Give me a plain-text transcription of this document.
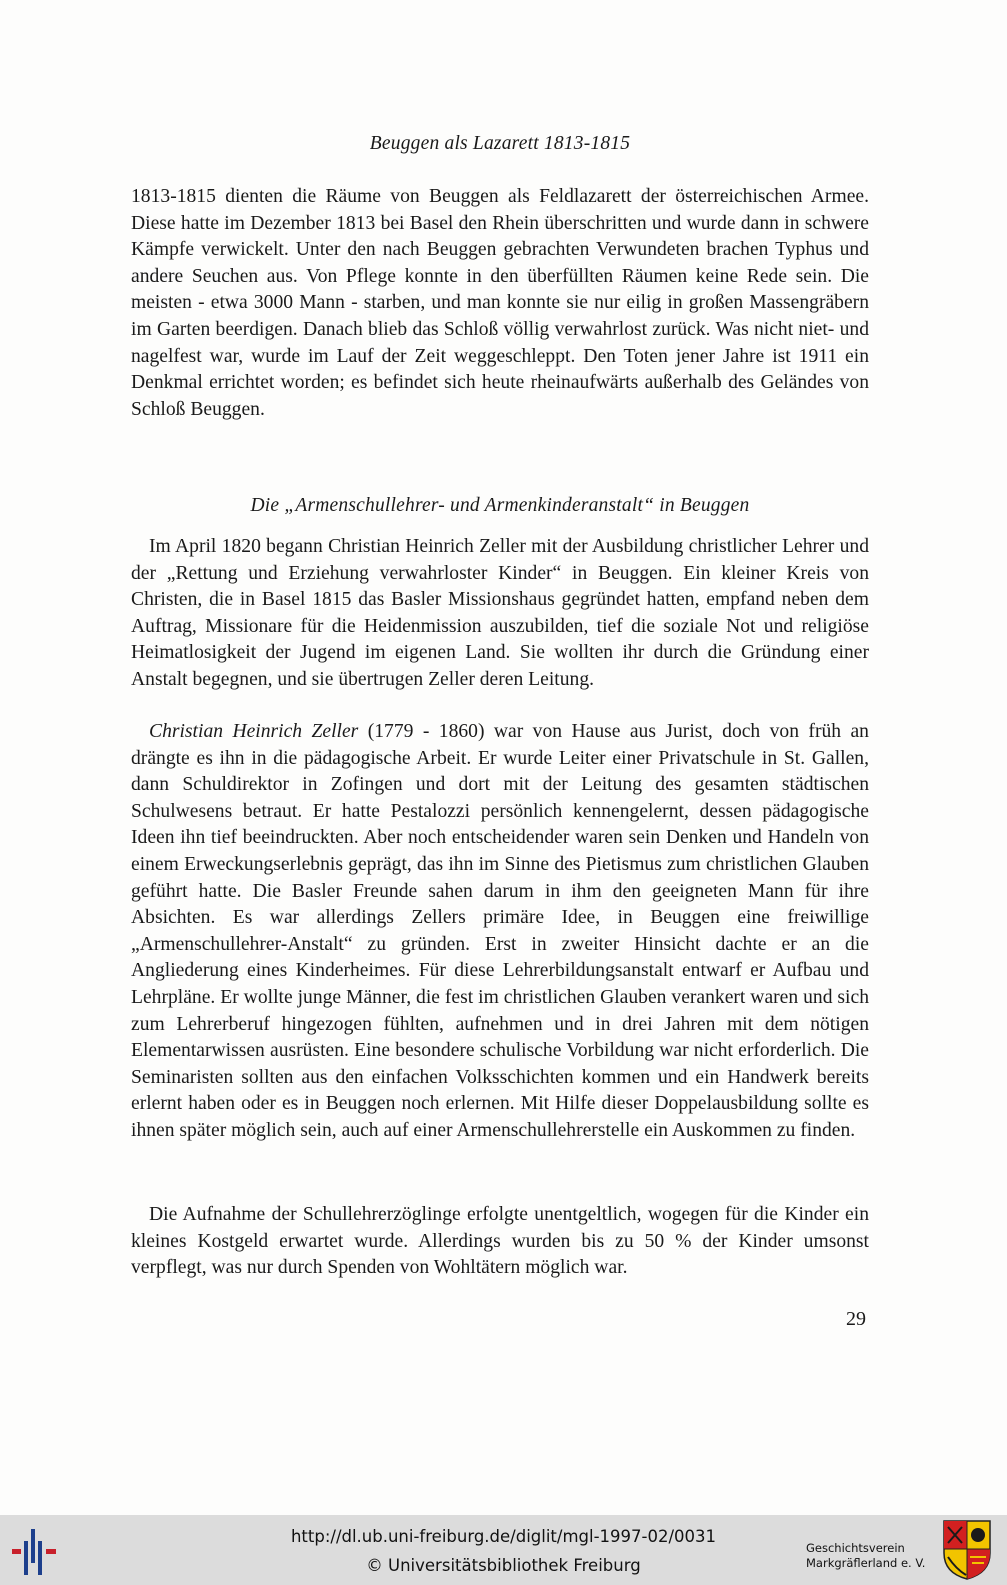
Beuggen als Lazarett 1813-1815

1813-1815 dienten die Räume von Beuggen als Feldlazarett der österreichischen Armee. Diese hatte im Dezember 1813 bei Basel den Rhein überschritten und wurde dann in schwere Kämpfe verwickelt. Unter den nach Beuggen gebrachten Verwundeten brachen Typhus und andere Seuchen aus. Von Pflege konnte in den überfüllten Räumen keine Rede sein. Die meisten - etwa 3000 Mann - starben, und man konnte sie nur eilig in großen Massengräbern im Garten beerdigen. Danach blieb das Schloß völlig verwahrlost zurück. Was nicht niet- und nagelfest war, wurde im Lauf der Zeit weggeschleppt. Den Toten jener Jahre ist 1911 ein Denkmal errichtet worden; es befindet sich heute rheinaufwärts außerhalb des Geländes von Schloß Beuggen.

Die „Armenschullehrer- und Armenkinderanstalt“ in Beuggen

Im April 1820 begann Christian Heinrich Zeller mit der Ausbildung christlicher Lehrer und der „Rettung und Erziehung verwahrloster Kinder“ in Beuggen. Ein kleiner Kreis von Christen, die in Basel 1815 das Basler Missionshaus gegründet hatten, empfand neben dem Auftrag, Missionare für die Heidenmission auszubilden, tief die soziale Not und religiöse Heimatlosigkeit der Jugend im eigenen Land. Sie wollten ihr durch die Gründung einer Anstalt begegnen, und sie übertrugen Zeller deren Leitung.

Christian Heinrich Zeller (1779 - 1860) war von Hause aus Jurist, doch von früh an drängte es ihn in die pädagogische Arbeit. Er wurde Leiter einer Privatschule in St. Gallen, dann Schuldirektor in Zofingen und dort mit der Leitung des gesamten städtischen Schulwesens betraut. Er hatte Pestalozzi persönlich kennengelernt, dessen pädagogische Ideen ihn tief beeindruckten. Aber noch entscheidender waren sein Denken und Handeln von einem Erweckungserlebnis geprägt, das ihn im Sinne des Pietismus zum christlichen Glauben geführt hatte. Die Basler Freunde sahen darum in ihm den geeigneten Mann für ihre Absichten. Es war allerdings Zellers primäre Idee, in Beuggen eine freiwillige „Armenschullehrer-Anstalt“ zu gründen. Erst in zweiter Hinsicht dachte er an die Angliederung eines Kinderheimes. Für diese Lehrerbildungsanstalt entwarf er Aufbau und Lehrpläne. Er wollte junge Männer, die fest im christlichen Glauben verankert waren und sich zum Lehrerberuf hingezogen fühlten, aufnehmen und in drei Jahren mit dem nötigen Elementarwissen ausrüsten. Eine besondere schulische Vorbildung war nicht erforderlich. Die Seminaristen sollten aus den einfachen Volksschichten kommen und ein Handwerk bereits erlernt haben oder es in Beuggen noch erlernen. Mit Hilfe dieser Doppelausbildung sollte es ihnen später möglich sein, auch auf einer Armenschullehrerstelle ein Auskommen zu finden.

Die Aufnahme der Schullehrerzöglinge erfolgte unentgeltlich, wogegen für die Kinder ein kleines Kostgeld erwartet wurde. Allerdings wurden bis zu 50 % der Kinder umsonst verpflegt, was nur durch Spenden von Wohltätern möglich war.

29
http://dl.ub.uni-freiburg.de/diglit/mgl-1997-02/0031
© Universitätsbibliothek Freiburg
Geschichtsverein
Markgräflerland e. V.
